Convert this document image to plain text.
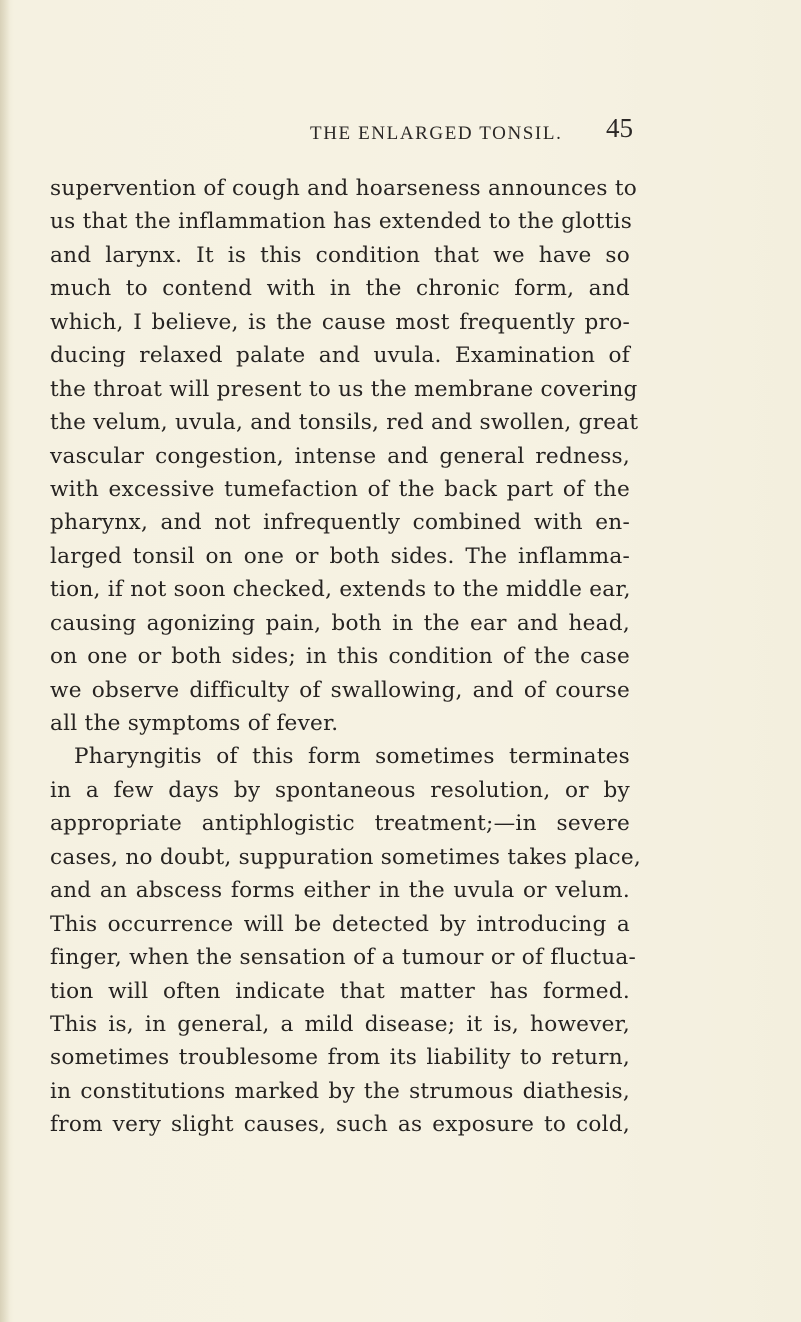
THE ENLARGED TONSIL. 45
supervention of cough and hoarseness announces to
us that the inflammation has extended to the glottis
and larynx. It is this condition that we have so
much to contend with in the chronic form, and
which, I believe, is the cause most frequently pro-
ducing relaxed palate and uvula. Examination of
the throat will present to us the membrane covering
the velum, uvula, and tonsils, red and swollen, great
vascular congestion, intense and general redness,
with excessive tumefaction of the back part of the
pharynx, and not infrequently combined with en-
larged tonsil on one or both sides. The inflamma-
tion, if not soon checked, extends to the middle ear,
causing agonizing pain, both in the ear and head,
on one or both sides; in this condition of the case
we observe difficulty of swallowing, and of course
all the symptoms of fever.
Pharyngitis of this form sometimes terminates
in a few days by spontaneous resolution, or by
appropriate antiphlogistic treatment;—in severe
cases, no doubt, suppuration sometimes takes place,
and an abscess forms either in the uvula or velum.
This occurrence will be detected by introducing a
finger, when the sensation of a tumour or of fluctua-
tion will often indicate that matter has formed.
This is, in general, a mild disease; it is, however,
sometimes troublesome from its liability to return,
in constitutions marked by the strumous diathesis,
from very slight causes, such as exposure to cold,
